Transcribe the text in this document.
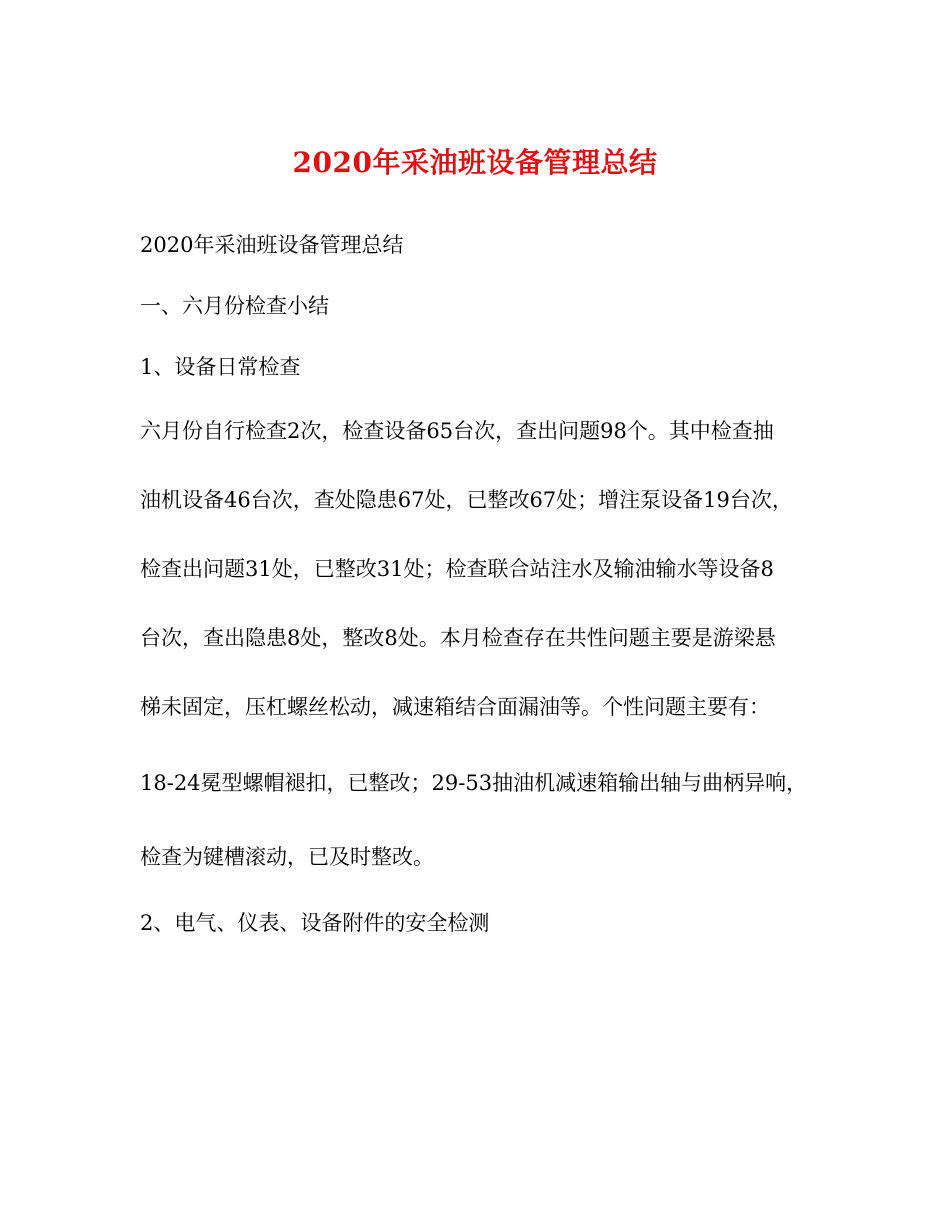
2020年采油班设备管理总结
2020年采油班设备管理总结
一、六月份检查小结
1、设备日常检查
六月份自行检查2次，检查设备65台次，查出问题98个。其中检查抽
油机设备46台次，查处隐患67处，已整改67处；增注泵设备19台次，
检查出问题31处，已整改31处；检查联合站注水及输油输水等设备8
台次，查出隐患8处，整改8处。本月检查存在共性问题主要是游梁悬
梯未固定，压杠螺丝松动，减速箱结合面漏油等。个性问题主要有：
18-24冕型螺帽褪扣，已整改；29-53抽油机减速箱输出轴与曲柄异响，
检查为键槽滚动，已及时整改。
2、电气、仪表、设备附件的安全检测
